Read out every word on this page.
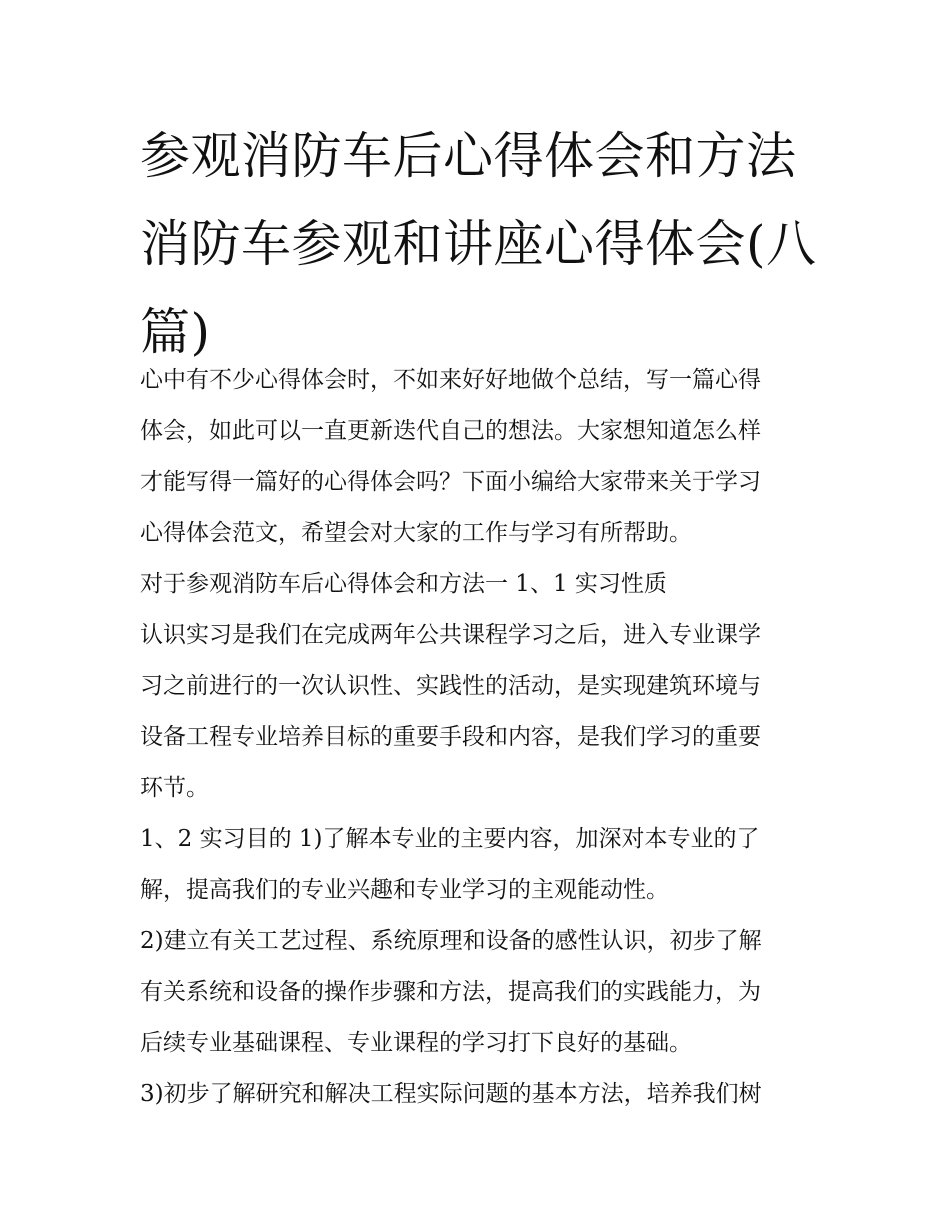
参观消防车后心得体会和方法
消防车参观和讲座心得体会(八
篇)
心中有不少心得体会时，不如来好好地做个总结，写一篇心得
体会，如此可以一直更新迭代自己的想法。大家想知道怎么样
才能写得一篇好的心得体会吗？下面小编给大家带来关于学习
心得体会范文，希望会对大家的工作与学习有所帮助。
对于参观消防车后心得体会和方法一 1、1 实习性质
认识实习是我们在完成两年公共课程学习之后，进入专业课学
习之前进行的一次认识性、实践性的活动，是实现建筑环境与
设备工程专业培养目标的重要手段和内容，是我们学习的重要
环节。
1、2 实习目的 1)了解本专业的主要内容，加深对本专业的了
解，提高我们的专业兴趣和专业学习的主观能动性。
2)建立有关工艺过程、系统原理和设备的感性认识，初步了解
有关系统和设备的操作步骤和方法，提高我们的实践能力，为
后续专业基础课程、专业课程的学习打下良好的基础。
3)初步了解研究和解决工程实际问题的基本方法，培养我们树
